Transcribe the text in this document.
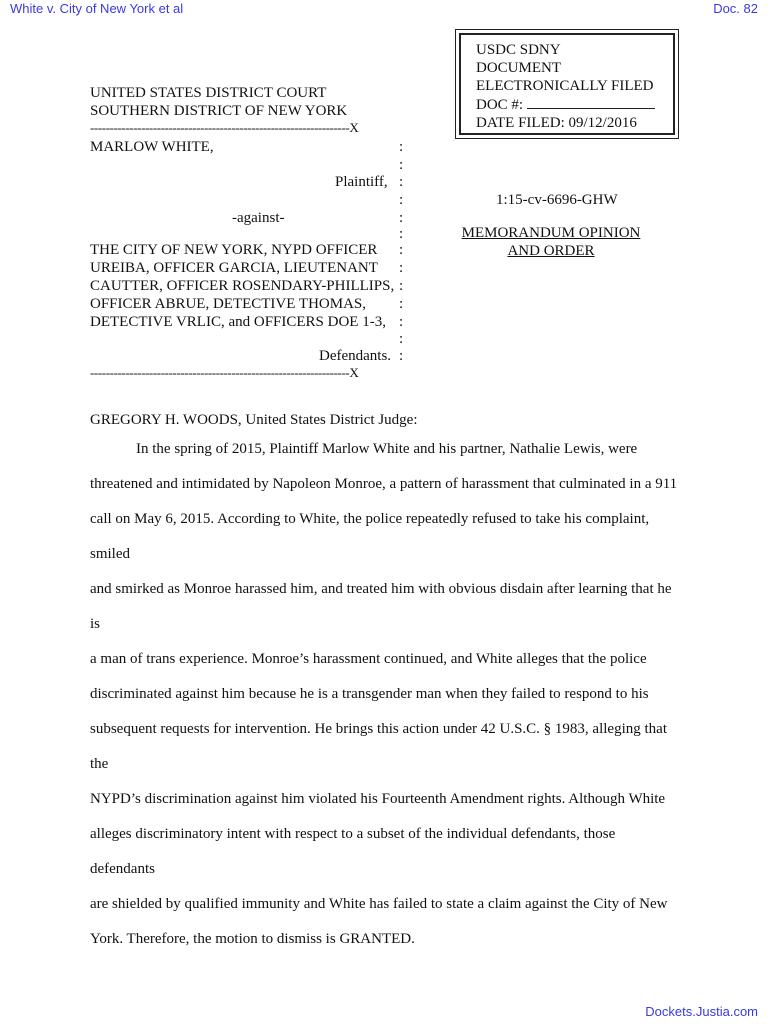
White v. City of New York et al	Doc. 82
USDC SDNY
DOCUMENT
ELECTRONICALLY FILED
DOC #:
DATE FILED: 09/12/2016
UNITED STATES DISTRICT COURT
SOUTHERN DISTRICT OF NEW YORK
------------------------------------------------------------------X
MARLOW WHITE,
Plaintiff,
-against-
THE CITY OF NEW YORK, NYPD OFFICER
UREIBA, OFFICER GARCIA, LIEUTENANT
CAUTTER, OFFICER ROSENDARY-PHILLIPS,
OFFICER ABRUE, DETECTIVE THOMAS,
DETECTIVE VRLIC, and OFFICERS DOE 1-3,
Defendants.
------------------------------------------------------------------X
:
:
:
:
:
:
:
:
:
:
:
:
:
1:15-cv-6696-GHW
MEMORANDUM OPINION
AND ORDER
GREGORY H. WOODS, United States District Judge:
In the spring of 2015, Plaintiff Marlow White and his partner, Nathalie Lewis, were
threatened and intimidated by Napoleon Monroe, a pattern of harassment that culminated in a 911
call on May 6, 2015. According to White, the police repeatedly refused to take his complaint, smiled
and smirked as Monroe harassed him, and treated him with obvious disdain after learning that he is
a man of trans experience. Monroe’s harassment continued, and White alleges that the police
discriminated against him because he is a transgender man when they failed to respond to his
subsequent requests for intervention. He brings this action under 42 U.S.C. § 1983, alleging that the
NYPD’s discrimination against him violated his Fourteenth Amendment rights. Although White
alleges discriminatory intent with respect to a subset of the individual defendants, those defendants
are shielded by qualified immunity and White has failed to state a claim against the City of New
York. Therefore, the motion to dismiss is GRANTED.
Dockets.Justia.com
